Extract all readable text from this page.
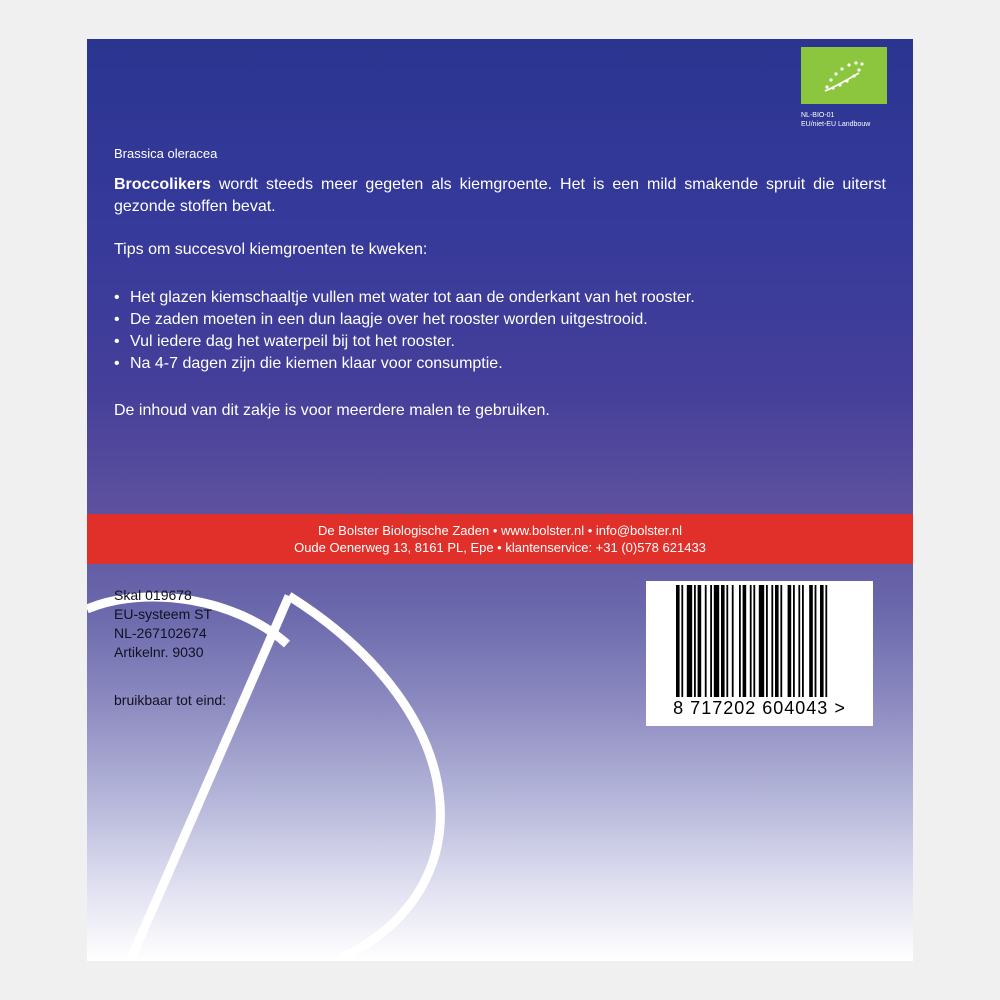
NL-BIO-01
EU/niet-EU Landbouw
Brassica oleracea
Broccolikers wordt steeds meer gegeten als kiemgroente. Het is een mild smakende spruit die uiterst gezonde stoffen bevat.
Tips om succesvol kiemgroenten te kweken:
• Het glazen kiemschaaltje vullen met water tot aan de onderkant van het rooster.
• De zaden moeten in een dun laagje over het rooster worden uitgestrooid.
• Vul iedere dag het waterpeil bij tot het rooster.
• Na 4-7 dagen zijn die kiemen klaar voor consumptie.
De inhoud van dit zakje is voor meerdere malen te gebruiken.
De Bolster Biologische Zaden • www.bolster.nl • info@bolster.nl
Oude Oenerweg 13, 8161 PL, Epe • klantenservice: +31 (0)578 621433
Skal 019678
EU-systeem ST
NL-267102674
Artikelnr. 9030
bruikbaar tot eind:	8 717202 604043 >
